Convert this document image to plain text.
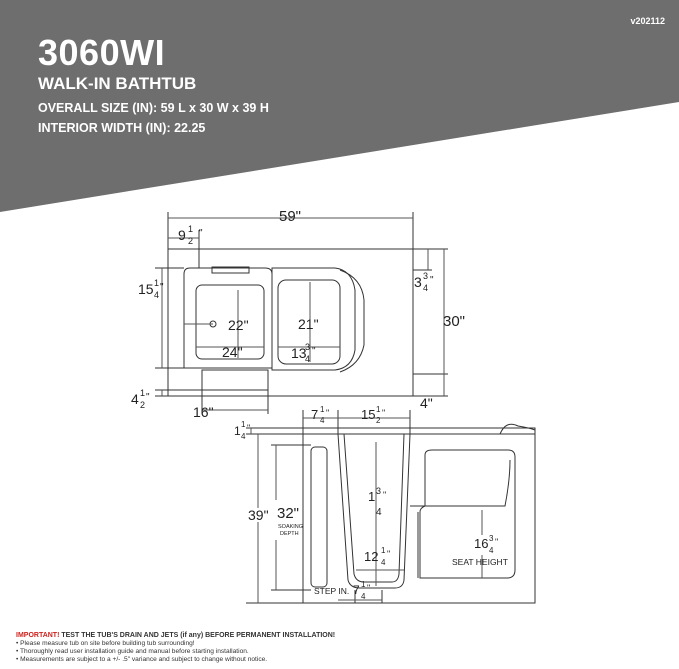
3060WI
WALK-IN BATHTUB
OVERALL SIZE (IN): 59 L x 30 W x 39 H
INTERIOR WIDTH (IN): 22.25
v202112
59"
9 1
2
"
15 1
4
"	3 3
4
"
30"
22"	21"
24"	13
3
4
"
4 1
2
"
16"
4"
7 1
4
" 15 1
2
"
1 1
4
"
39" 32"
SOAKING
DEPTH
1 3
4
"
12 1
4
"
16 3
4
"
SEAT HEIGHT
STEP IN. 7 1
4
"
IMPORTANT! TEST THE TUB'S DRAIN AND JETS (if any) BEFORE PERMANENT INSTALLATION!
• Please measure tub on site before building tub surrounding!
• Thoroughly read user installation guide and manual before starting installation.
• Measurements are subject to a +/- .5" variance and subject to change without notice.
